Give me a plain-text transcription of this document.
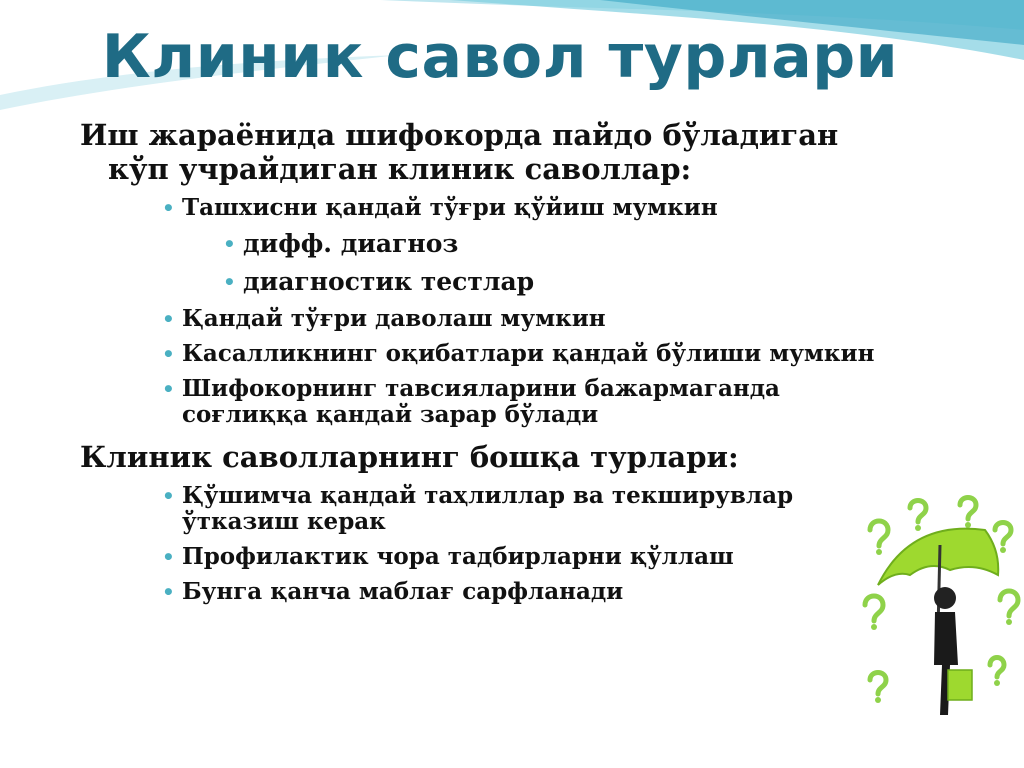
Клиник савол турлари
Иш жараёнида шифокорда пайдо бўладиган
кўп учрайдиган клиник саволлар:
• Ташхисни қандай тўғри қўйиш мумкин
• дифф. диагноз
• диагностик тестлар
• Қандай тўғри даволаш мумкин
• Касалликнинг оқибатлари қандай бўлиши мумкин
• Шифокорнинг тавсияларини бажармаганда соғлиққа қандай зарар бўлади
Клиник саволларнинг бошқа турлари:
• Қўшимча қандай таҳлиллар ва текширувлар ўтказиш керак
• Профилактик чора тадбирларни қўллаш
• Бунга қанча маблағ сарфланади
